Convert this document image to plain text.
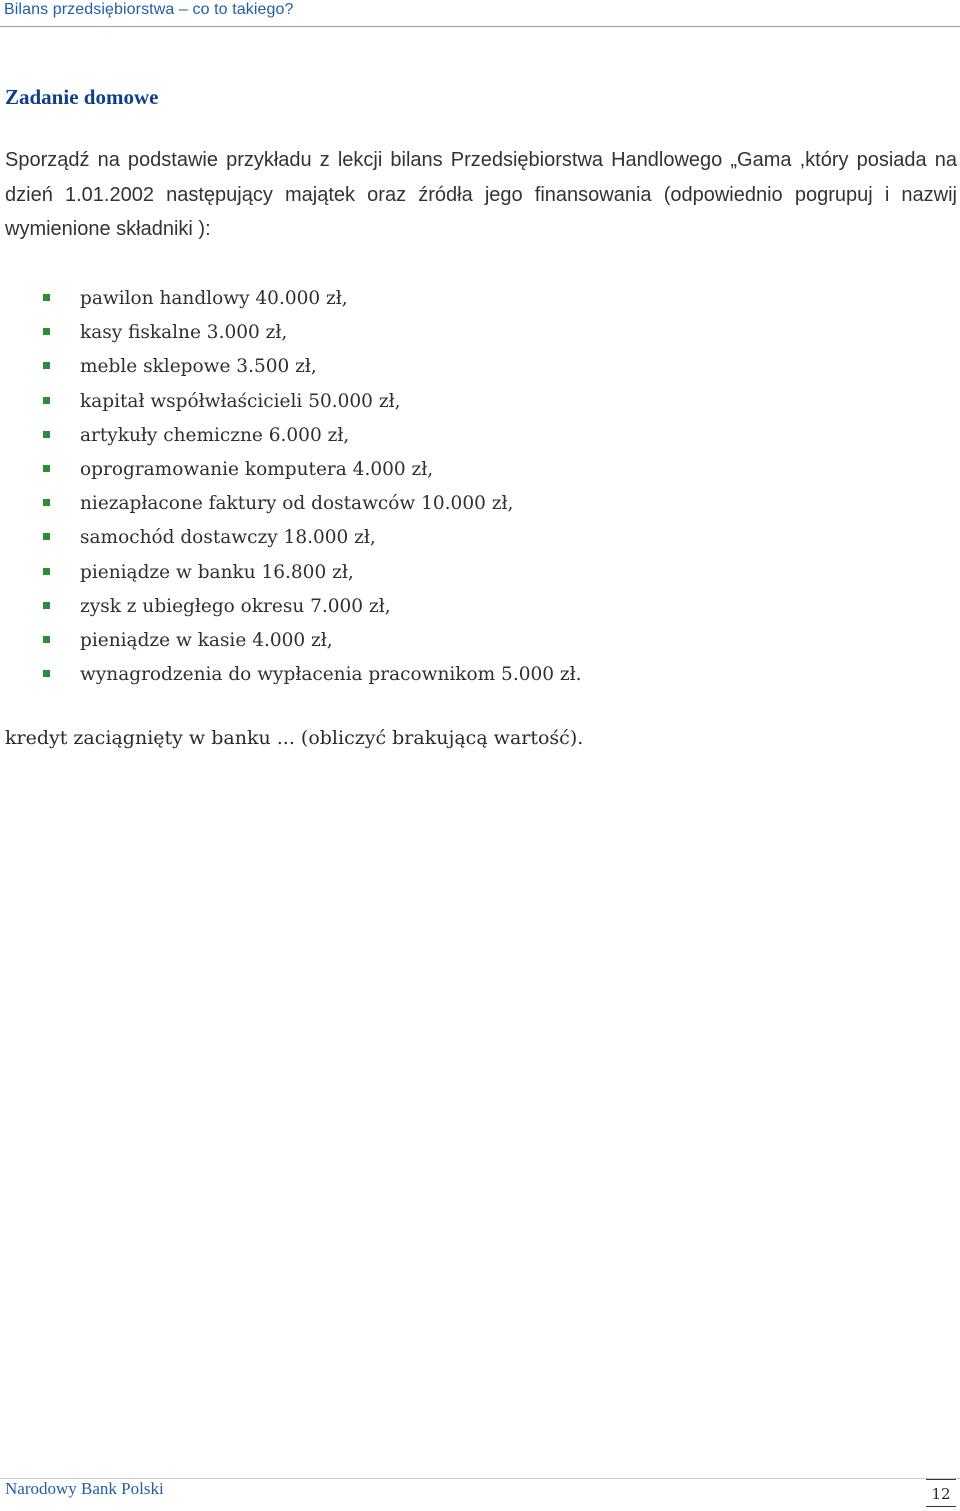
Bilans przedsiębiorstwa – co to takiego?
Zadanie domowe
Sporządź na podstawie przykładu z lekcji bilans Przedsiębiorstwa Handlowego „Gama ,który posiada na dzień 1.01.2002 następujący majątek oraz źródła jego finansowania (odpowiednio pogrupuj i nazwij wymienione składniki ):
pawilon handlowy 40.000 zł,
kasy fiskalne 3.000 zł,
meble sklepowe 3.500 zł,
kapitał współwłaścicieli 50.000 zł,
artykuły chemiczne 6.000 zł,
oprogramowanie komputera 4.000 zł,
niezapłacone faktury od dostawców 10.000 zł,
samochód dostawczy 18.000 zł,
pieniądze w banku 16.800 zł,
zysk z ubiegłego okresu 7.000 zł,
pieniądze w kasie 4.000 zł,
wynagrodzenia do wypłacenia pracownikom 5.000 zł.
kredyt zaciągnięty w banku ... (obliczyć brakującą wartość).
Narodowy Bank Polski	12
